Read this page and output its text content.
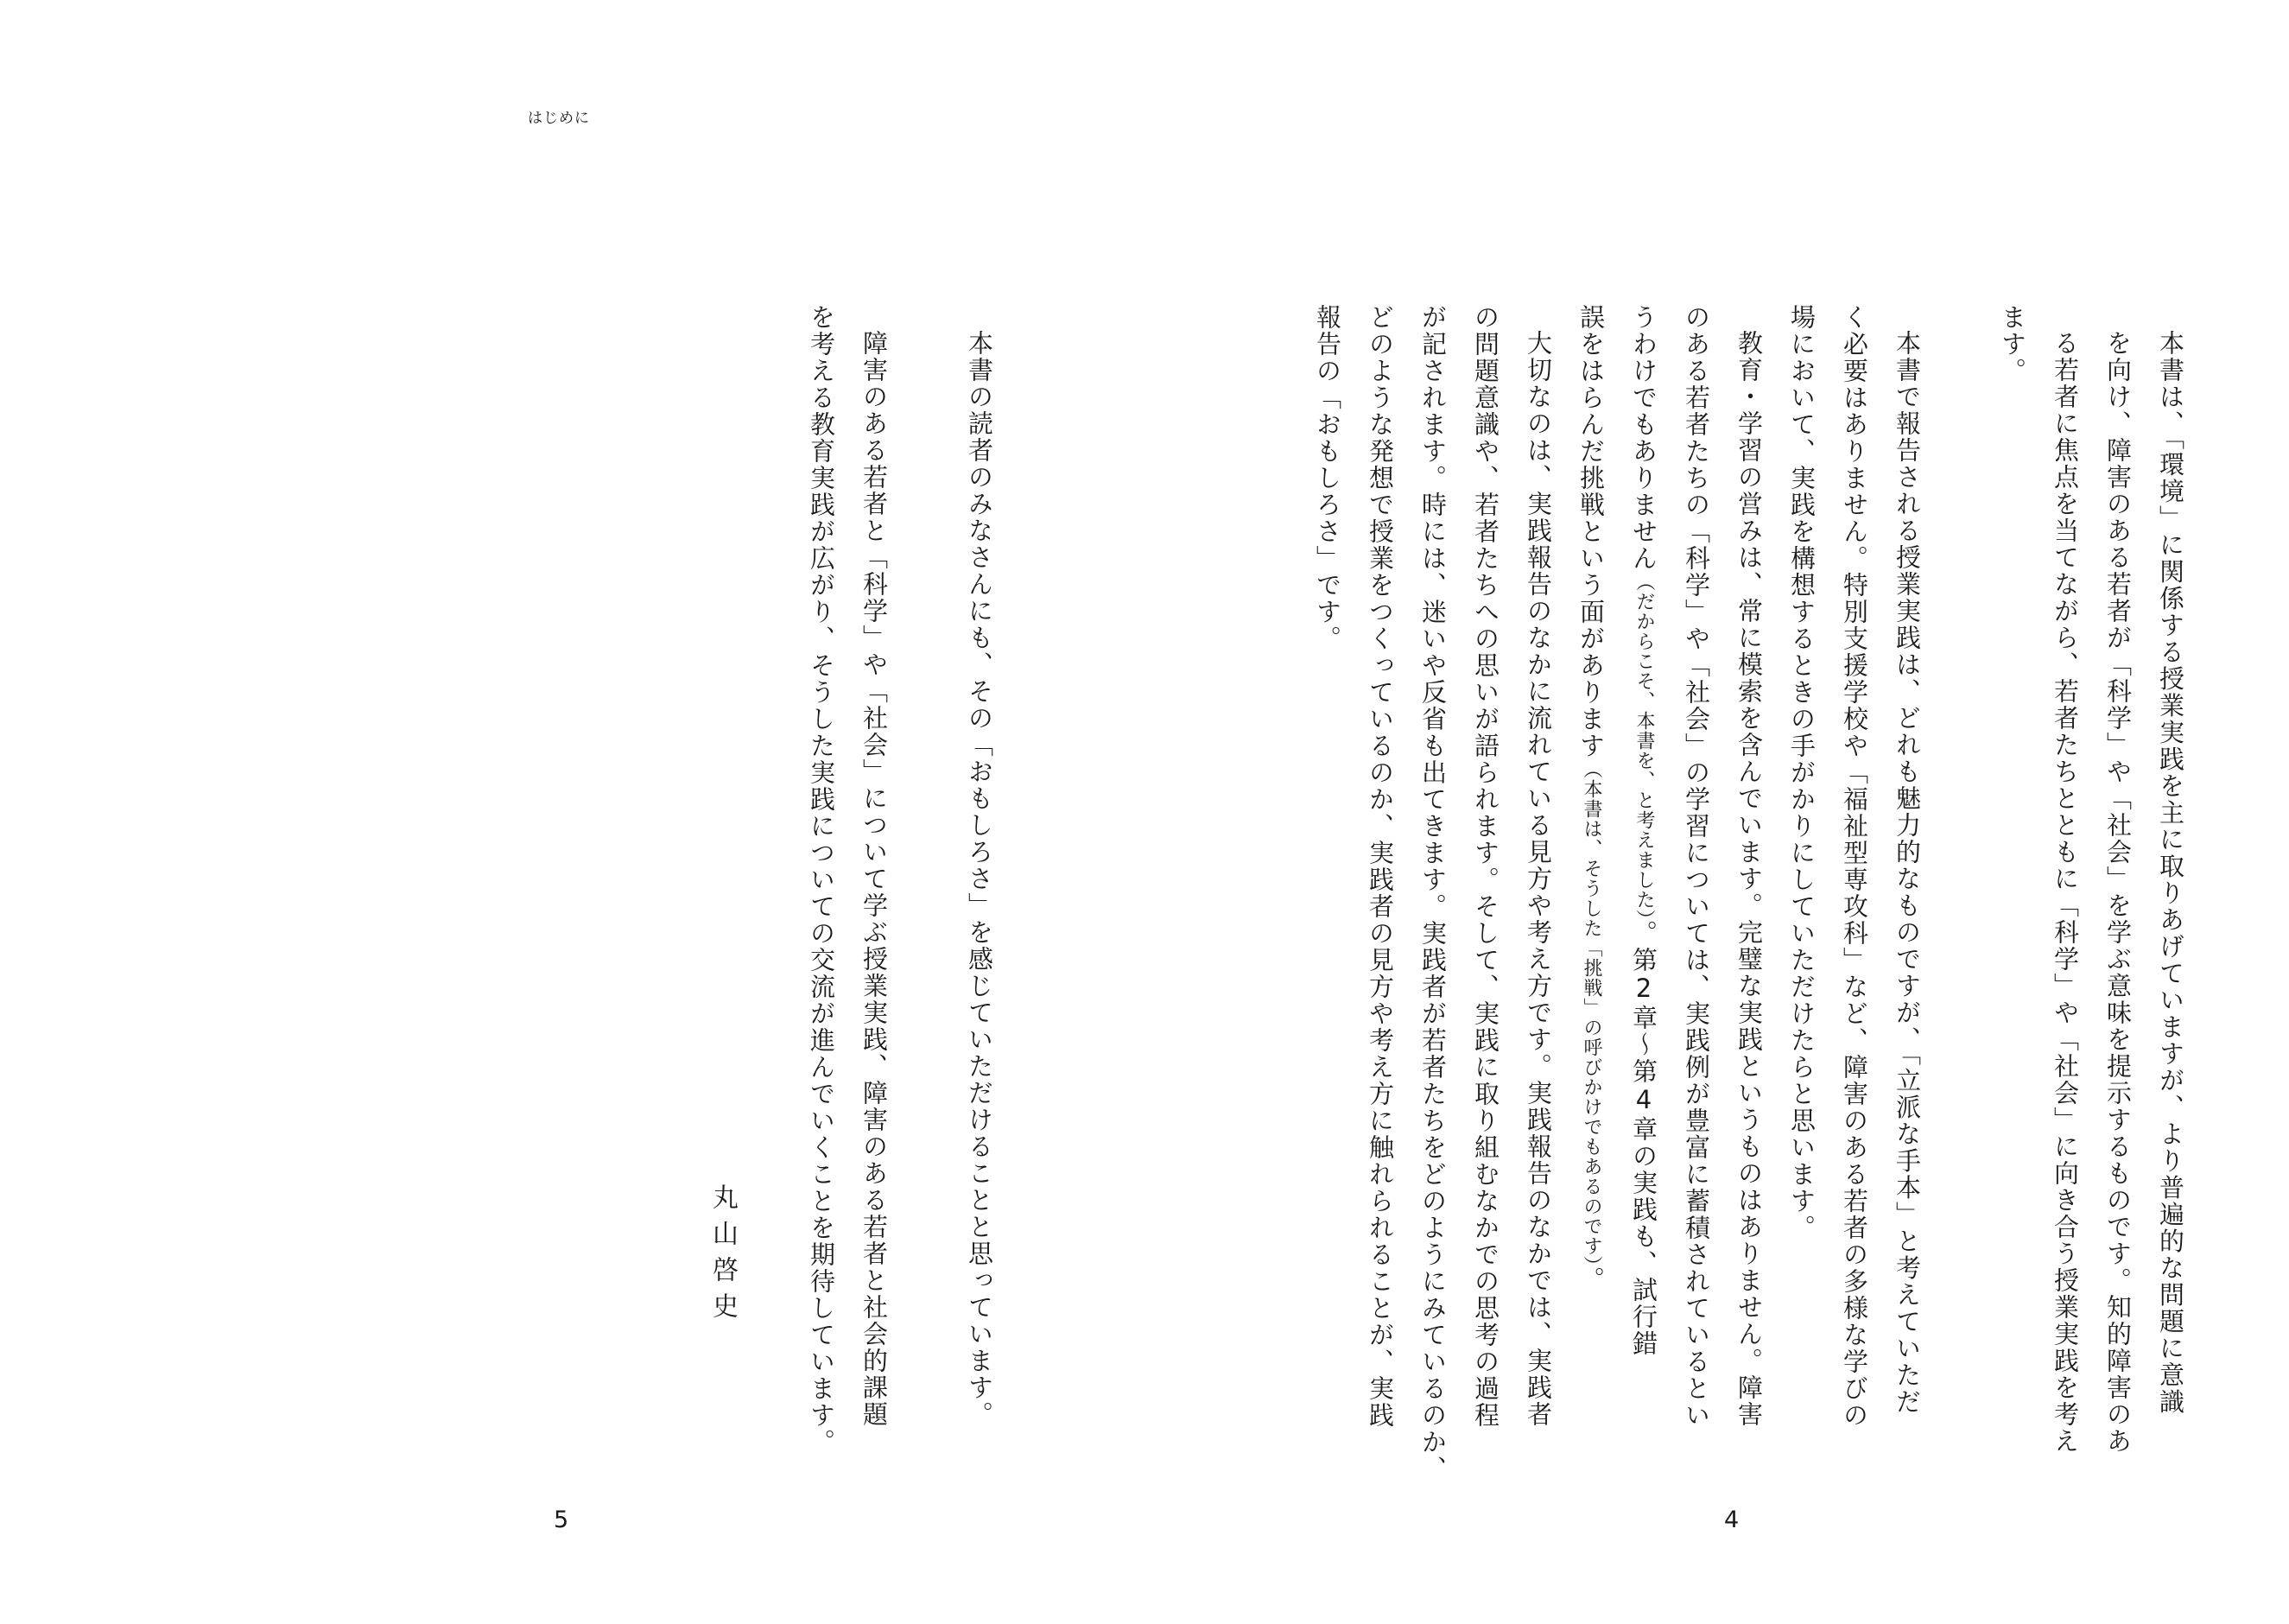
はじめに
本書は、「環境」に関係する授業実践を主に取りあげていますが、より普遍的な問題に意識
を向け、障害のある若者が「科学」や「社会」を学ぶ意味を提示するものです。知的障害のあ
る若者に焦点を当てながら、若者たちとともに「科学」や「社会」に向き合う授業実践を考え
ます。
本書で報告される授業実践は、どれも魅力的なものですが、「立派な手本」と考えていただ
く必要はありません。特別支援学校や「福祉型専攻科」など、障害のある若者の多様な学びの
場において、実践を構想するときの手がかりにしていただけたらと思います。
教育・学習の営みは、常に模索を含んでいます。完璧な実践というものはありません。障害
のある若者たちの「科学」や「社会」の学習については、実践例が豊富に蓄積されているとい
うわけでもありません（だからこそ、本書を、と考えました）。第2章～第4章の実践も、試行錯
誤をはらんだ挑戦という面があります（本書は、そうした「挑戦」の呼びかけでもあるのです）。
大切なのは、実践報告のなかに流れている見方や考え方です。実践報告のなかでは、実践者
の問題意識や、若者たちへの思いが語られます。そして、実践に取り組むなかでの思考の過程
が記されます。時には、迷いや反省も出てきます。実践者が若者たちをどのようにみているのか、
どのような発想で授業をつくっているのか、実践者の見方や考え方に触れられることが、実践
報告の「おもしろさ」です。
本書の読者のみなさんにも、その「おもしろさ」を感じていただけることと思っています。
障害のある若者と「科学」や「社会」について学ぶ授業実践、障害のある若者と社会的課題
を考える教育実践が広がり、そうした実践についての交流が進んでいくことを期待しています。
丸山啓史
5	4
